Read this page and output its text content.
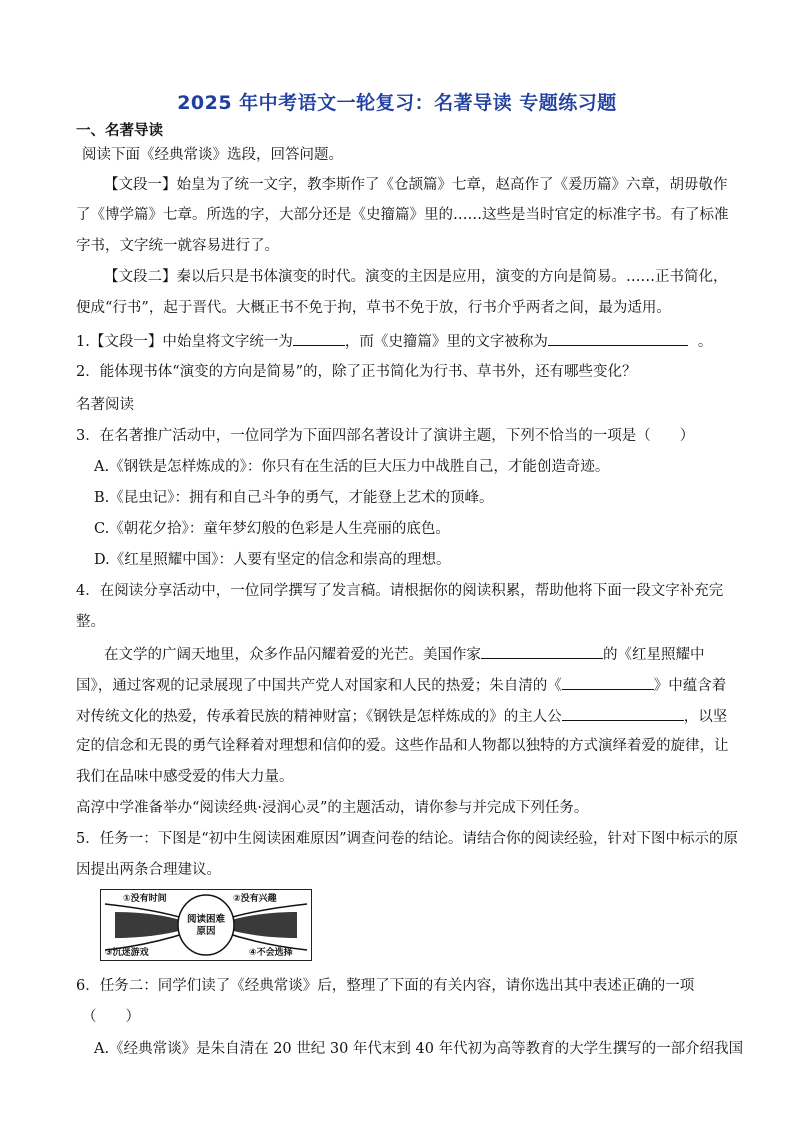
2025 年中考语文一轮复习：名著导读 专题练习题
一、名著导读
阅读下面《经典常谈》选段，回答问题。
【文段一】始皇为了统一文字，教李斯作了《仓颉篇》七章，赵高作了《爰历篇》六章，胡毋敬作
了《博学篇》七章。所选的字，大部分还是《史籀篇》里的……这些是当时官定的标准字书。有了标准
字书，文字统一就容易进行了。
【文段二】秦以后只是书体演变的时代。演变的主因是应用，演变的方向是简易。……正书简化，
便成“行书”，起于晋代。大概正书不免于拘，草书不免于放，行书介乎两者之间，最为适用。
1.【文段一】中始皇将文字统一为	，而《史籀篇》里的文字被称为	。
2．能体现书体“演变的方向是简易”的，除了正书简化为行书、草书外，还有哪些变化？
名著阅读
3．在名著推广活动中，一位同学为下面四部名著设计了演讲主题，下列不恰当的一项是（　　）
A.《钢铁是怎样炼成的》：你只有在生活的巨大压力中战胜自己，才能创造奇迹。
B.《昆虫记》：拥有和自己斗争的勇气，才能登上艺术的顶峰。
C.《朝花夕拾》：童年梦幻般的色彩是人生亮丽的底色。
D.《红星照耀中国》：人要有坚定的信念和崇高的理想。
4．在阅读分享活动中，一位同学撰写了发言稿。请根据你的阅读积累，帮助他将下面一段文字补充完
整。
在文学的广阔天地里，众多作品闪耀着爱的光芒。美国作家	的《红星照耀中
国》，通过客观的记录展现了中国共产党人对国家和人民的热爱；朱自清的《	》中蕴含着
对传统文化的热爱，传承着民族的精神财富；《钢铁是怎样炼成的》的主人公	，以坚
定的信念和无畏的勇气诠释着对理想和信仰的爱。这些作品和人物都以独特的方式演绎着爱的旋律，让
我们在品味中感受爱的伟大力量。
高淳中学准备举办“阅读经典·浸润心灵”的主题活动，请你参与并完成下列任务。
5．任务一：下图是“初中生阅读困难原因”调查问卷的结论。请结合你的阅读经验，针对下图中标示的原
因提出两条合理建议。
阅读困难
原因
①没有时间	②没有兴趣
③沉迷游戏	④不会选择
6．任务二：同学们读了《经典常谈》后，整理了下面的有关内容，请你选出其中表述正确的一项
（　　）
A.《经典常谈》是朱自清在 20 世纪 30 年代末到 40 年代初为高等教育的大学生撰写的一部介绍我国
